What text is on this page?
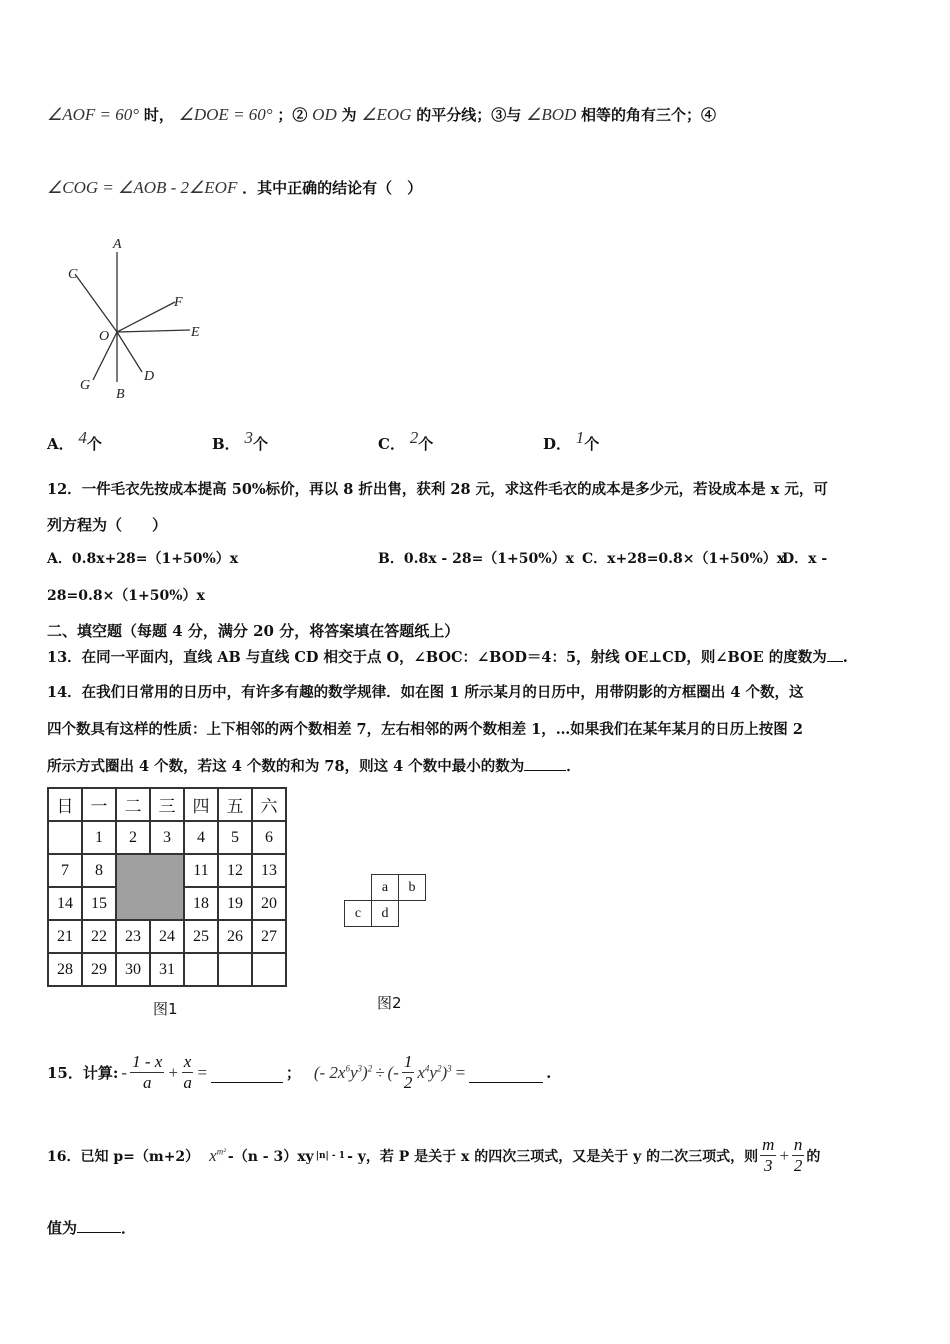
∠AOF = 60° 时， ∠DOE = 60° ；② OD 为 ∠EOG 的平分线；③与 ∠BOD 相等的角有三个；④
∠COG = ∠AOB - 2∠EOF ．其中正确的结论有（　）
A
C
F
O	E
G
B
D
A． 4个	B． 3个	C． 2个	D． 1个
12．一件毛衣先按成本提高 50%标价，再以 8 折出售，获利 28 元，求这件毛衣的成本是多少元，若设成本是 x 元，可
列方程为（　　）
A．0.8x+28=（1+50%）x	B．0.8x - 28=（1+50%）x C．x+28=0.8×（1+50%）x
D．x -
28=0.8×（1+50%）x
二、填空题（每题 4 分，满分 20 分，将答案填在答题纸上）
13．在同一平面内，直线 AB 与直线 CD 相交于点 O，∠BOC：∠BOD＝4：5，射线 OE⊥CD，则∠BOE 的度数为 .
14．在我们日常用的日历中，有许多有趣的数学规律．如在图 1 所示某月的日历中，用带阴影的方框圈出 4 个数，这
四个数具有这样的性质：上下相邻的两个数相差 7，左右相邻的两个数相差 1，…如果我们在某年某月的日历上按图 2
所示方式圈出 4 个数，若这 4 个数的和为 78，则这 4 个数中最小的数为	．
日	一	二	三	四	五	六
	1	2	3	4	5	6
7	8			11	12	13
14	15			18	19	20
21	22	23	24	25	26	27
28	29	30	31			
图1
	a	b
c	d	
图2
15．计算: - $\frac{1 - x}{a} + \frac{x}{a}$ =	； (- $2x^6y^3)^2$ ÷ (- $\frac{1}{2} x^4y^2)^3$ =	.
16．已知 p=（m+2） $x^{m^2}$ -（n - 3）xy |n| - 1 - y，若 P 是关于 x 的四次三项式，又是关于 y 的二次三项式，则 $\frac{m}{3} + \frac{n}{2}$ 的
值为	．
